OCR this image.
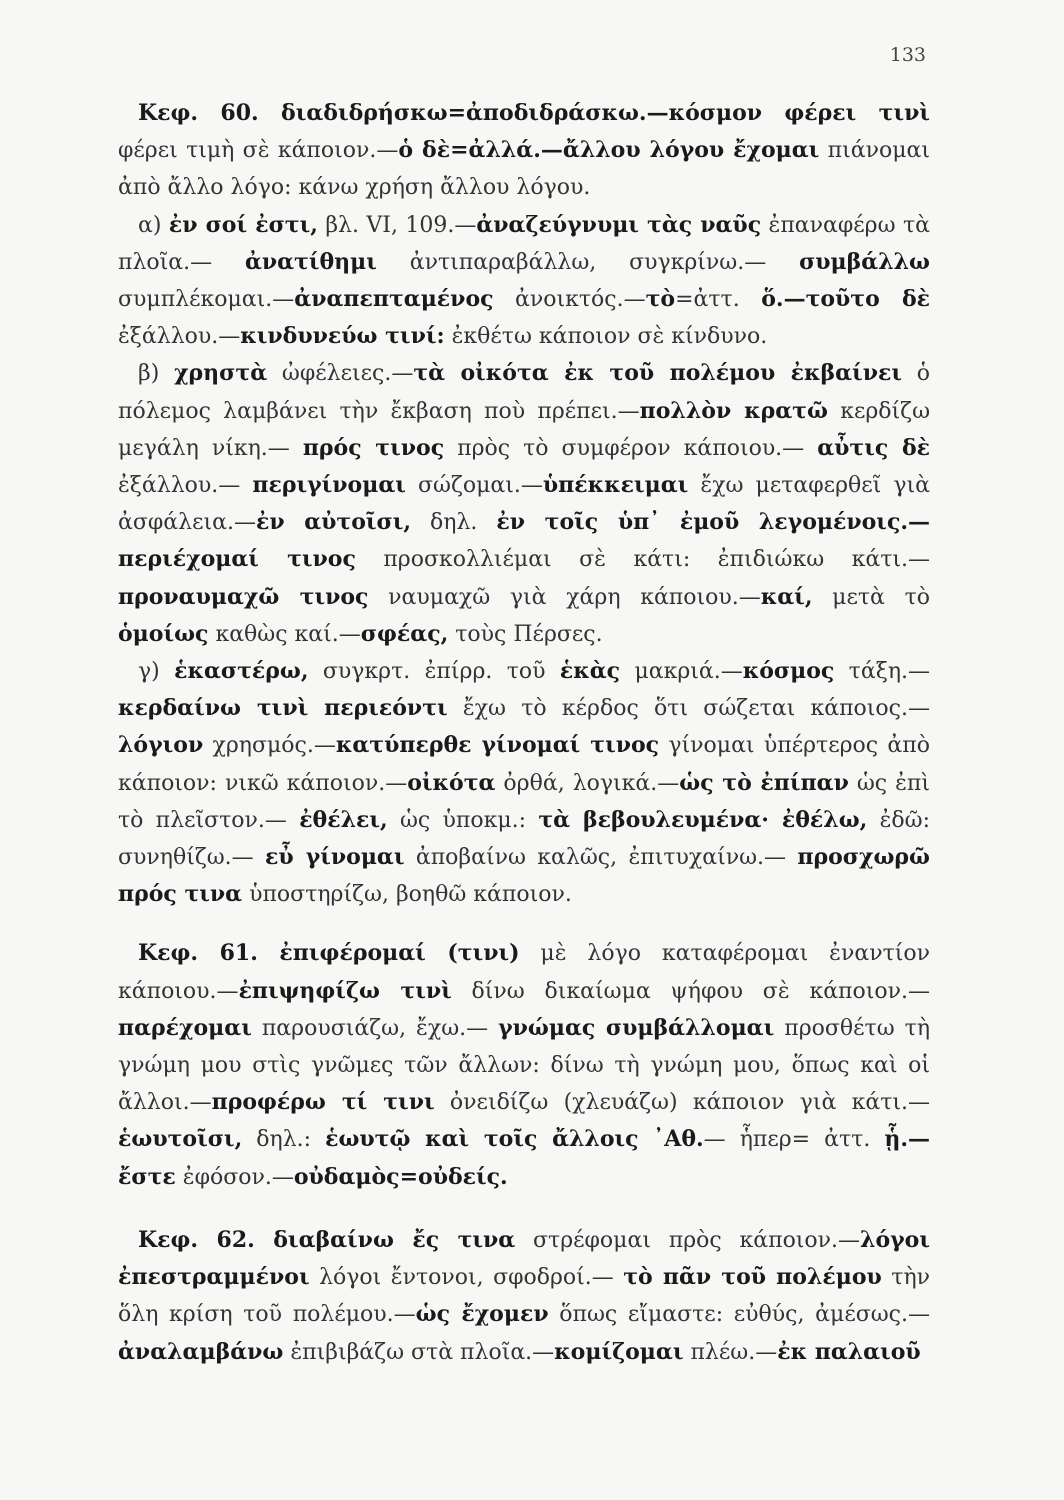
133

Κεφ. 60. διαδιδρήσκω=ἀποδιδράσκω.—κόσμον φέρει τινὶ φέρει τιμὴ σὲ κάποιον.—ὁ δὲ=ἀλλά.—ἄλλου λόγου ἔχομαι πιάνομαι ἀπὸ ἄλλο λόγο: κάνω χρήση ἄλλου λόγου.

α) ἐν σοί ἐστι, βλ. VI, 109.—ἀναζεύγνυμι τὰς ναῦς ἐπαναφέρω τὰ πλοῖα.— ἀνατίθημι ἀντιπαραβάλλω, συγκρίνω.— συμβάλλω συμπλέκομαι.—ἀναπεπταμένος ἀνοικτός.—τὸ=ἀττ. ὅ.—τοῦτο δὲ ἐξάλλου.—κινδυνεύω τινί: ἐκθέτω κάποιον σὲ κίνδυνο.

β) χρηστὰ ὠφέλειες.—τὰ οἰκότα ἐκ τοῦ πολέμου ἐκβαίνει ὁ πόλεμος λαμβάνει τὴν ἔκβαση ποὺ πρέπει.—πολλὸν κρατῶ κερδίζω μεγάλη νίκη.— πρός τινος πρὸς τὸ συμφέρον κάποιου.— αὖτις δὲ ἐξάλλου.— περιγίνομαι σώζομαι.—ὑπέκκειμαι ἔχω μεταφερθεῖ γιὰ ἀσφάλεια.—ἐν αὐτοῖσι, δηλ. ἐν τοῖς ὑπ᾽ ἐμοῦ λεγομένοις.—περιέχομαί τινος προσκολλιέμαι σὲ κάτι: ἐπιδιώκω κάτι.—προναυμαχῶ τινος ναυμαχῶ γιὰ χάρη κάποιου.—καί, μετὰ τὸ ὁμοίως καθὼς καί.—σφέας, τοὺς Πέρσες.

γ) ἑκαστέρω, συγκρτ. ἐπίρρ. τοῦ ἑκὰς μακριά.—κόσμος τάξη.—κερδαίνω τινὶ περιεόντι ἔχω τὸ κέρδος ὅτι σώζεται κάποιος.—λόγιον χρησμός.—κατύπερθε γίνομαί τινος γίνομαι ὑπέρτερος ἀπὸ κάποιον: νικῶ κάποιον.—οἰκότα ὀρθά, λογικά.—ὡς τὸ ἐπίπαν ὡς ἐπὶ τὸ πλεῖστον.— ἐθέλει, ὡς ὑποκμ.: τὰ βεβουλευμένα· ἐθέλω, ἐδῶ: συνηθίζω.— εὖ γίνομαι ἀποβαίνω καλῶς, ἐπιτυχαίνω.— προσχωρῶ πρός τινα ὑποστηρίζω, βοηθῶ κάποιον.

Κεφ. 61. ἐπιφέρομαί (τινι) μὲ λόγο καταφέρομαι ἐναντίον κάποιου.—ἐπιψηφίζω τινὶ δίνω δικαίωμα ψήφου σὲ κάποιον.—παρέχομαι παρουσιάζω, ἔχω.— γνώμας συμβάλλομαι προσθέτω τὴ γνώμη μου στὶς γνῶμες τῶν ἄλλων: δίνω τὴ γνώμη μου, ὅπως καὶ οἱ ἄλλοι.—προφέρω τί τινι ὀνειδίζω (χλευάζω) κάποιον γιὰ κάτι.—ἑωυτοῖσι, δηλ.: ἑωυτῷ καὶ τοῖς ἄλλοις ᾽Αθ.— ἧπερ= ἀττ. ᾗ.— ἔστε ἐφόσον.—οὐδαμὸς=οὐδείς.

Κεφ. 62. διαβαίνω ἔς τινα στρέφομαι πρὸς κάποιον.—λόγοι ἐπεστραμμένοι λόγοι ἔντονοι, σφοδροί.— τὸ πᾶν τοῦ πολέμου τὴν ὅλη κρίση τοῦ πολέμου.—ὡς ἔχομεν ὅπως εἴμαστε: εὐθύς, ἀμέσως.— ἀναλαμβάνω ἐπιβιβάζω στὰ πλοῖα.—κομίζομαι πλέω.—ἐκ παλαιοῦ
